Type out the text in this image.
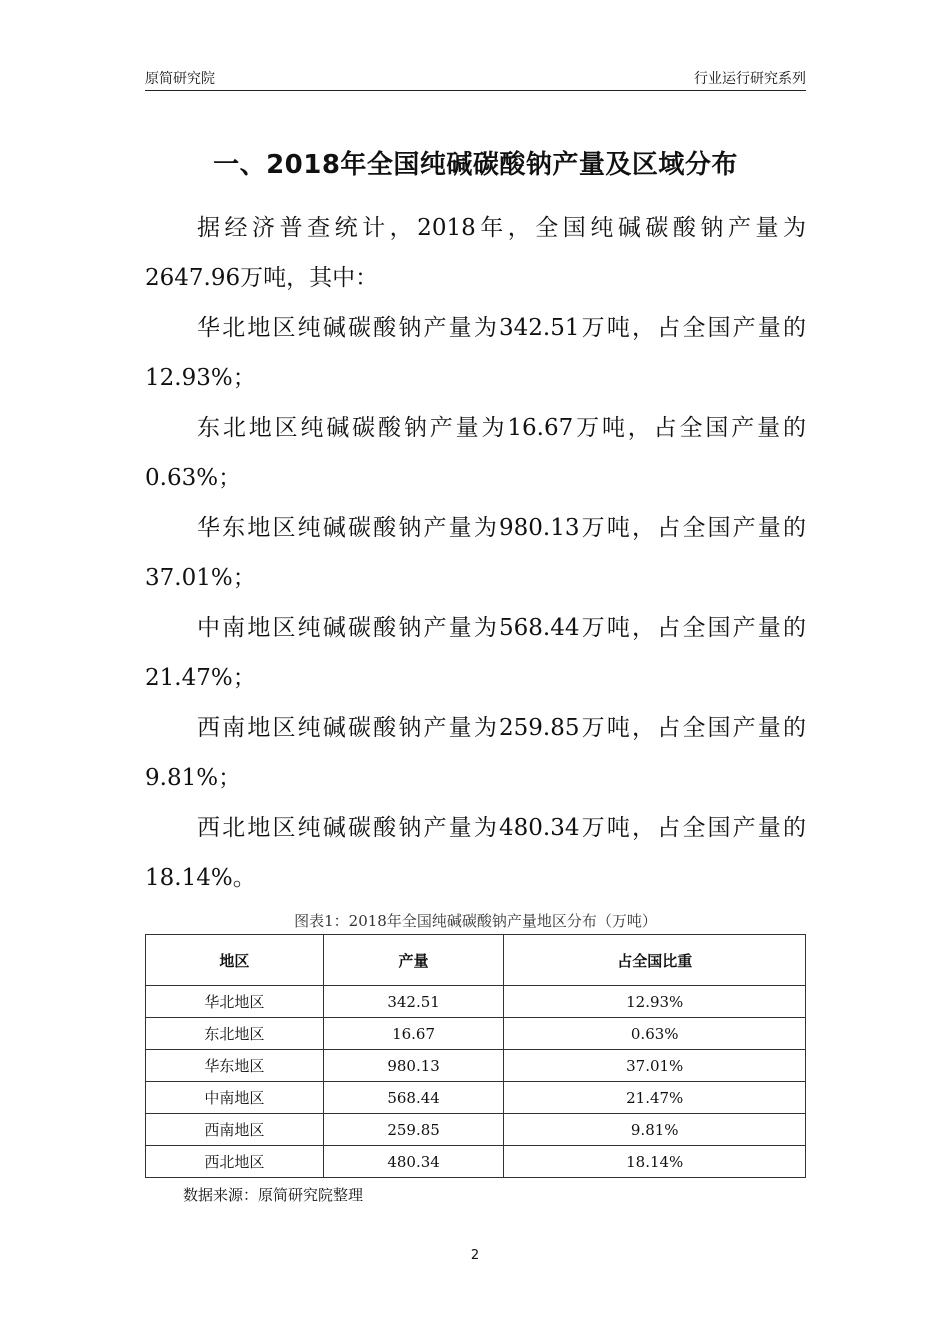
原简研究院	行业运行研究系列
一、2018年全国纯碱碳酸钠产量及区域分布

据经济普查统计，2018年，全国纯碱碳酸钠产量为2647.96万吨，其中：

华北地区纯碱碳酸钠产量为342.51万吨，占全国产量的12.93%；

东北地区纯碱碳酸钠产量为16.67万吨，占全国产量的0.63%；

华东地区纯碱碳酸钠产量为980.13万吨，占全国产量的37.01%；

中南地区纯碱碳酸钠产量为568.44万吨，占全国产量的21.47%；

西南地区纯碱碳酸钠产量为259.85万吨，占全国产量的9.81%；

西北地区纯碱碳酸钠产量为480.34万吨，占全国产量的18.14%。

图表1：2018年全国纯碱碳酸钠产量地区分布（万吨）
地区	产量	占全国比重
华北地区	342.51	12.93%
东北地区	16.67	0.63%
华东地区	980.13	37.01%
中南地区	568.44	21.47%
西南地区	259.85	9.81%
西北地区	480.34	18.14%
数据来源：原简研究院整理
2
